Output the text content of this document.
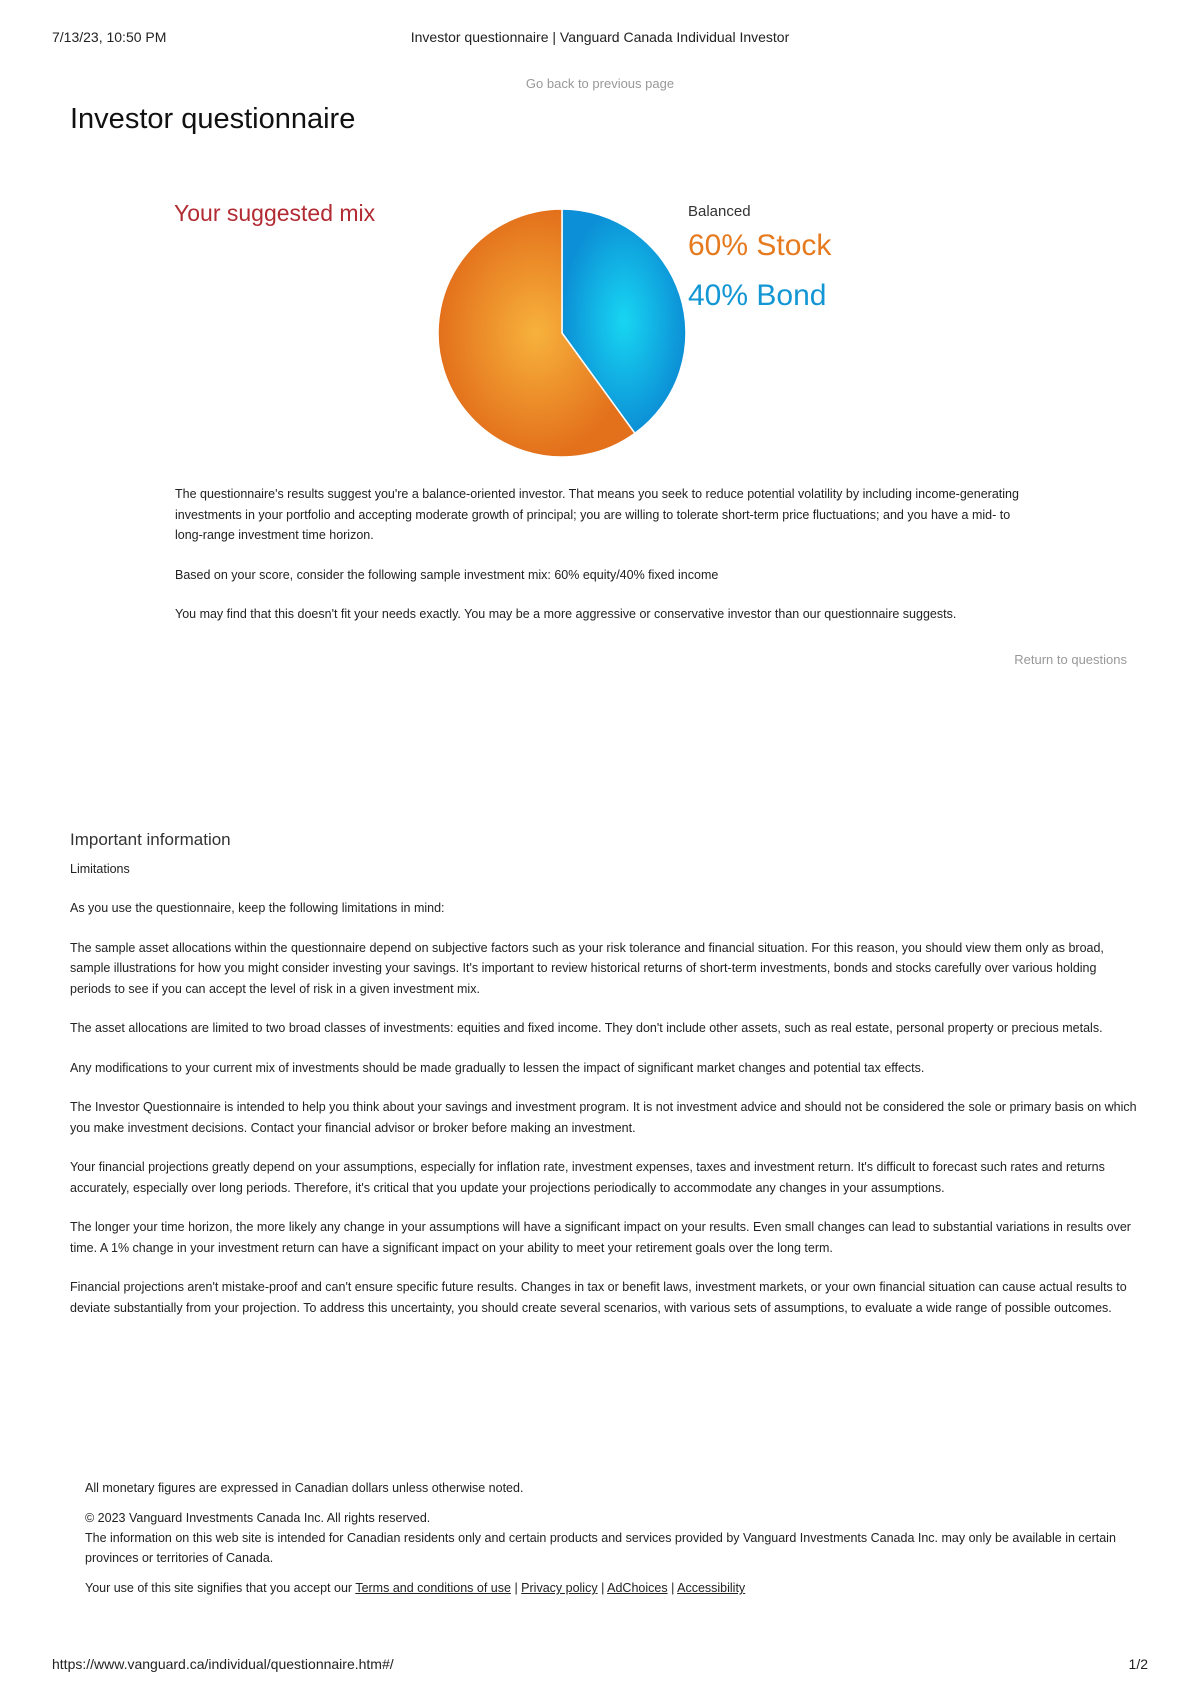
7/13/23, 10:50 PM	Investor questionnaire | Vanguard Canada Individual Investor
Go back to previous page
Investor questionnaire
Your suggested mix	Balanced
60% Stock
40% Bond

The questionnaire's results suggest you're a balance-oriented investor. That means you seek to reduce potential volatility by including income-generating investments in your portfolio and accepting moderate growth of principal; you are willing to tolerate short-term price fluctuations; and you have a mid- to long-range investment time horizon.

Based on your score, consider the following sample investment mix: 60% equity/40% fixed income

You may find that this doesn't fit your needs exactly. You may be a more aggressive or conservative investor than our questionnaire suggests.

Return to questions
Important information
Limitations

As you use the questionnaire, keep the following limitations in mind:

The sample asset allocations within the questionnaire depend on subjective factors such as your risk tolerance and financial situation. For this reason, you should view them only as broad, sample illustrations for how you might consider investing your savings. It's important to review historical returns of short-term investments, bonds and stocks carefully over various holding periods to see if you can accept the level of risk in a given investment mix.

The asset allocations are limited to two broad classes of investments: equities and fixed income. They don't include other assets, such as real estate, personal property or precious metals.

Any modifications to your current mix of investments should be made gradually to lessen the impact of significant market changes and potential tax effects.

The Investor Questionnaire is intended to help you think about your savings and investment program. It is not investment advice and should not be considered the sole or primary basis on which you make investment decisions. Contact your financial advisor or broker before making an investment.

Your financial projections greatly depend on your assumptions, especially for inflation rate, investment expenses, taxes and investment return. It's difficult to forecast such rates and returns accurately, especially over long periods. Therefore, it's critical that you update your projections periodically to accommodate any changes in your assumptions.

The longer your time horizon, the more likely any change in your assumptions will have a significant impact on your results. Even small changes can lead to substantial variations in results over time. A 1% change in your investment return can have a significant impact on your ability to meet your retirement goals over the long term.

Financial projections aren't mistake-proof and can't ensure specific future results. Changes in tax or benefit laws, investment markets, or your own financial situation can cause actual results to deviate substantially from your projection. To address this uncertainty, you should create several scenarios, with various sets of assumptions, to evaluate a wide range of possible outcomes.

All monetary figures are expressed in Canadian dollars unless otherwise noted.

© 2023 Vanguard Investments Canada Inc. All rights reserved.

The information on this web site is intended for Canadian residents only and certain products and services provided by Vanguard Investments Canada Inc. may only be available in certain provinces or territories of Canada.

Your use of this site signifies that you accept our Terms and conditions of use | Privacy policy | AdChoices | Accessibility

https://www.vanguard.ca/individual/questionnaire.htm#/	1/2
